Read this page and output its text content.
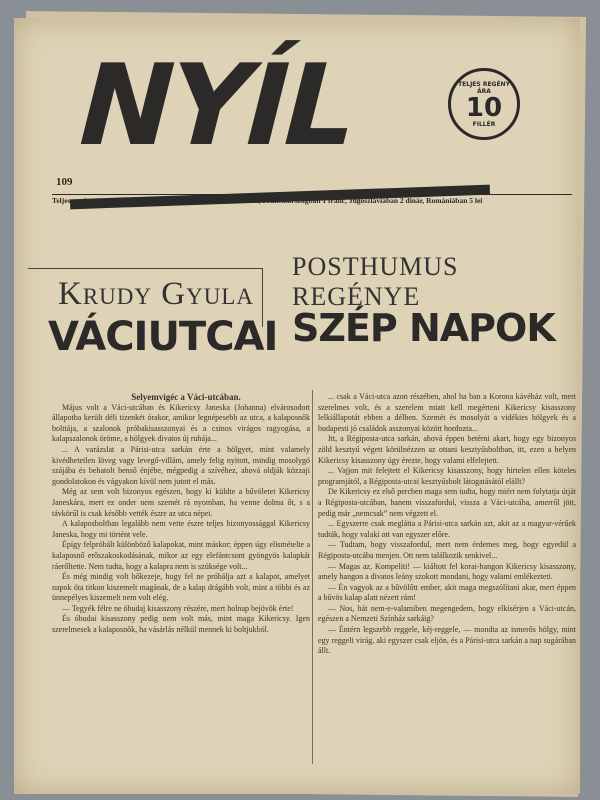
NYÍL	TELJES REGÉNY ÁRA
10
FILLÉR
109
Teljes regény ára: Ausztriában 20 garas, Csehszlovákiában 1 ČK, Franciaországban 1 franc, Jugoszláviában 2 dinár, Romániában 5 lei
Krudy Gyula
POSTHUMUS REGÉNYE
VÁCIUTCAI SZÉP NAPOK

Selyemvigéc a Váci-utcában.

Május volt a Váci-utcában és Kikericsy Janeska (Johanna) elvárosodott állapotba került déli tizenkét órakor, amikor legnépesebb az utca, a kalaposnők bolttája, a szalonok próbakisasszonyai és a csinos virágos ragyogása, a kalapszalonok öröme, a hölgyek divatos új ruhája...

... A varázslat a Párisi-utca sarkán érte a hölgyet, mint valamely kivédhetetlen löveg vagy levegő-villám, amely felig nyitott, mindig mosolygó szájába és behatolt benső énjébe, mégpedig a szívéhez, ahová oldják közzaji gondolatokon és vágyakon kívül nem jutott el más.

Még az sem volt bizonyos egészen, hogy ki küldte a bűvöletet Kikericsy Janeskára, mert ez onder nem szemét rá nyomban, ha venne dolma őt, s a távkörűl is csak később vették észre az utca népei.

A kalaposboltban legalább nem vette észre teljes bizonyossággal Kikericsy Janeska, hogy mi történt vele.

Épígy felpróbált különböző kalapokat, mint máskor; éppen úgy elismételte a kalaposnő erőszakoskodásának, mikor az egy elefántcsont gyöngyös kalapkát ráerőltette. Nem tudta, hogy a kalapra nem is szüksége volt...

És még mindig volt bőkezeje, hogy fel ne próbálja azt a kalapot, amelyet napok óta titkon kiszemelt magának, de a kalap drágább volt, mint a többi és az ünnepélyes kiszemelt nem volt elég.

— Tegyék félre ne öbudaj kisasszony részére, mert holnap bejövök érte!

És óbudai kisasszony pedig nem volt más, mint maga Kikericsy. Igen szerelmesek a kalaposnők, ha vásárlás nélkül mennek ki boltjukból.

... csak a Váci-utca azon részében, ahol ha ban a Korona kávéház volt, mert szerelmes volt, és a szerelem miatt kell megérteni Kikericsy kisasszony lelkiállapotát ebben a délben. Szemét és mosolyát a vidékies hölgyek és a budapesti jó családok asszonyai között hordozta...

Itt, a Régiposta-utca sarkán, ahová éppen betérni akart, hogy egy bizonyos zöld kesztyű végett körülnézzen az ottani kesztyűsboltban, itt, ezen a helyen Kikericsy kisasszony úgy érezte, hogy valami elfelejtett.

... Vajjon mit felejtett el Kikericsy kisasszony, hogy hirtelen ellen köteles programjától, a Régiposta-utcai kesztyűsbolt látogatásától elállt?

De Kikericsy ez első percben maga sem tudta, hogy miért nem folytatja útját a Régiposta-utcában, hanem visszafordul, vissza a Váci-utcába, amerről jött, pedig már „nemcsak” nem végzett el.

... Egyszerre csak meglátta a Párisi-utca sarkán azt, akit az a magyar-vérűek tudták, hogy valaki ott van egyszer előre.

— Tudtam, hogy visszafordul, mert nem érdemes meg, hogy egyedül a Régiposta-utcába menjen. Ott nem találkozik senkivel...

— Magas az, Kompeliti! — kiáltott fel korai-hangon Kikericsy kisasszony, amely hangon a divatos leány szokott mondani, hogy valami emlékezteti.

— Én vagyok az a bűvölőtt ember, akit maga megszólítani akar, mert éppen a bűvös kalap alatt nézett rám!

— Nos, hát nem-e-valamiben megengedem, hogy elkísérjen a Váci-utcán, egészen a Nemzeti Színház sarkáig?

— Éntérn legszebb reggele, kéj-reggele, — mondta az ismerős hölgy, mint egy reggeli virág, aki egyszer csak eljön, és a Párisi-utca sarkán a nap sugárában állt.
